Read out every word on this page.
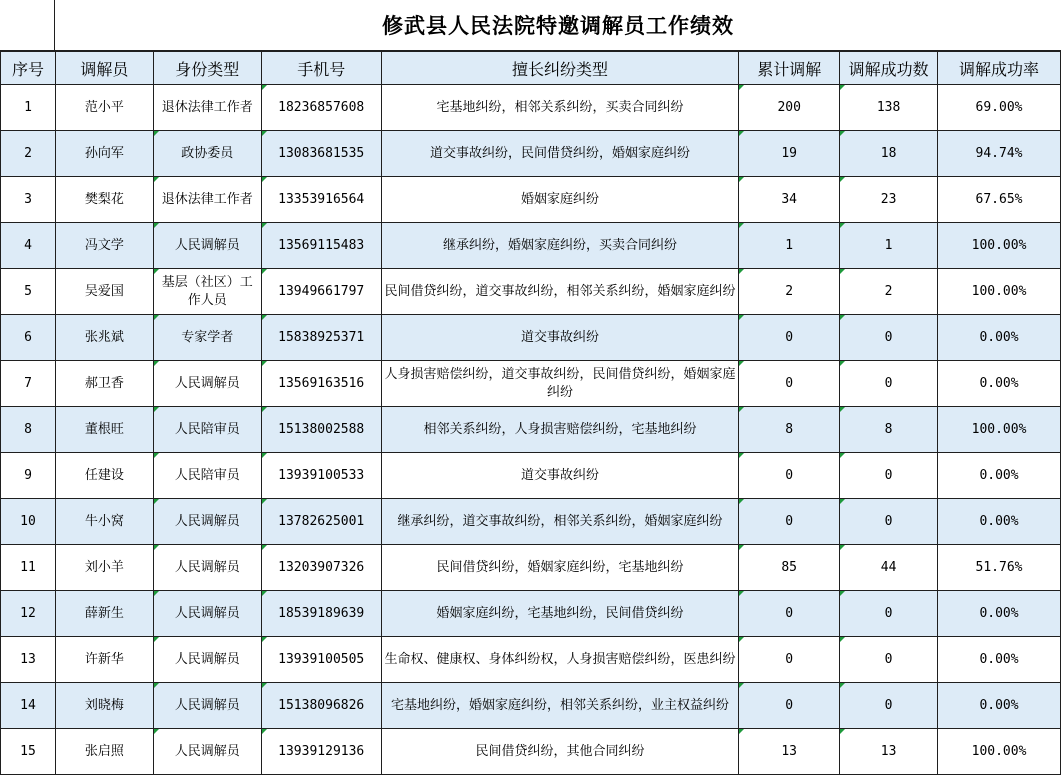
修武县人民法院特邀调解员工作绩效
序号	调解员	身份类型	手机号	擅长纠纷类型	累计调解	调解成功数	调解成功率
1	范小平	退休法律工作者	18236857608	宅基地纠纷，相邻关系纠纷，买卖合同纠纷	200	138	69.00%
2	孙向军	政协委员	13083681535	道交事故纠纷，民间借贷纠纷，婚姻家庭纠纷	19	18	94.74%
3	樊梨花	退休法律工作者	13353916564	婚姻家庭纠纷	34	23	67.65%
4	冯文学	人民调解员	13569115483	继承纠纷，婚姻家庭纠纷，买卖合同纠纷	1	1	100.00%
5	吴爱国	基层（社区）工作人员	13949661797	民间借贷纠纷，道交事故纠纷，相邻关系纠纷，婚姻家庭纠纷	2	2	100.00%
6	张兆斌	专家学者	15838925371	道交事故纠纷	0	0	0.00%
7	郝卫香	人民调解员	13569163516	人身损害赔偿纠纷，道交事故纠纷，民间借贷纠纷，婚姻家庭纠纷	0	0	0.00%
8	董根旺	人民陪审员	15138002588	相邻关系纠纷，人身损害赔偿纠纷，宅基地纠纷	8	8	100.00%
9	任建设	人民陪审员	13939100533	道交事故纠纷	0	0	0.00%
10	牛小窝	人民调解员	13782625001	继承纠纷，道交事故纠纷，相邻关系纠纷，婚姻家庭纠纷	0	0	0.00%
11	刘小羊	人民调解员	13203907326	民间借贷纠纷，婚姻家庭纠纷，宅基地纠纷	85	44	51.76%
12	薛新生	人民调解员	18539189639	婚姻家庭纠纷，宅基地纠纷，民间借贷纠纷	0	0	0.00%
13	许新华	人民调解员	13939100505	生命权、健康权、身体纠纷权，人身损害赔偿纠纷，医患纠纷	0	0	0.00%
14	刘晓梅	人民调解员	15138096826	宅基地纠纷，婚姻家庭纠纷，相邻关系纠纷，业主权益纠纷	0	0	0.00%
15	张启照	人民调解员	13939129136	民间借贷纠纷，其他合同纠纷	13	13	100.00%
